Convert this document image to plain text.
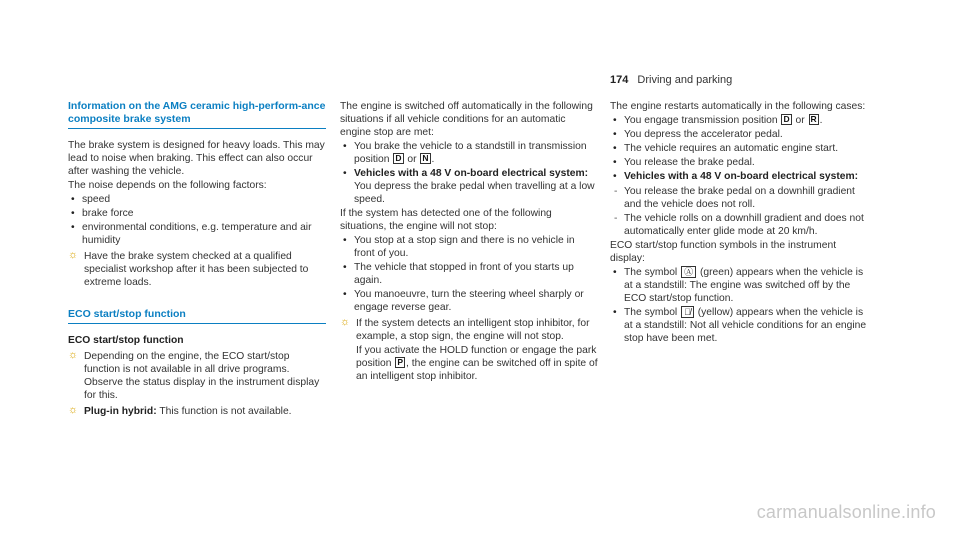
174 Driving and parking
Information on the AMG ceramic high-perform-ance composite brake system

The brake system is designed for heavy loads. This may lead to noise when braking. This effect can also occur after washing the vehicle.

The noise depends on the following factors:

• speed
• brake force
• environmental conditions, e.g. temperature and air humidity
☼ Have the brake system checked at a qualified specialist workshop after it has been subjected to extreme loads.
ECO start/stop function
ECO start/stop function
☼ Depending on the engine, the ECO start/stop function is not available in all drive programs. Observe the status display in the instrument display for this.
☼ Plug-in hybrid: This function is not available.

The engine is switched off automatically in the following situations if all vehicle conditions for an automatic engine stop are met:

• You brake the vehicle to a standstill in transmission position D or N .
• Vehicles with a 48 V on-board electrical system: You depress the brake pedal when travelling at a low speed.

If the system has detected one of the following situations, the engine will not stop:

• You stop at a stop sign and there is no vehicle in front of you.
• The vehicle that stopped in front of you starts up again.
• You manoeuvre, turn the steering wheel sharply or engage reverse gear.
☼ If the system detects an intelligent stop inhibitor, for example, a stop sign, the engine will not stop.

If you activate the HOLD function or engage the park position P , the engine can be switched off in spite of an intelligent stop inhibitor.

The engine restarts automatically in the following cases:

• You engage transmission position D or R .
• You depress the accelerator pedal.
• The vehicle requires an automatic engine start.
• You release the brake pedal.
• Vehicles with a 48 V on-board electrical system:
- You release the brake pedal on a downhill gradient and the vehicle does not roll.
- The vehicle rolls on a downhill gradient and does not automatically enter glide mode at 20 km/h.

ECO start/stop function symbols in the instrument display:

• The symbol Ⓐ (green) appears when the vehicle is at a standstill: The engine was switched off by the ECO start/stop function.
• The symbol Ⓐ̸ (yellow) appears when the vehicle is at a standstill: Not all vehicle conditions for an engine stop have been met.
carmanualsonline.info
